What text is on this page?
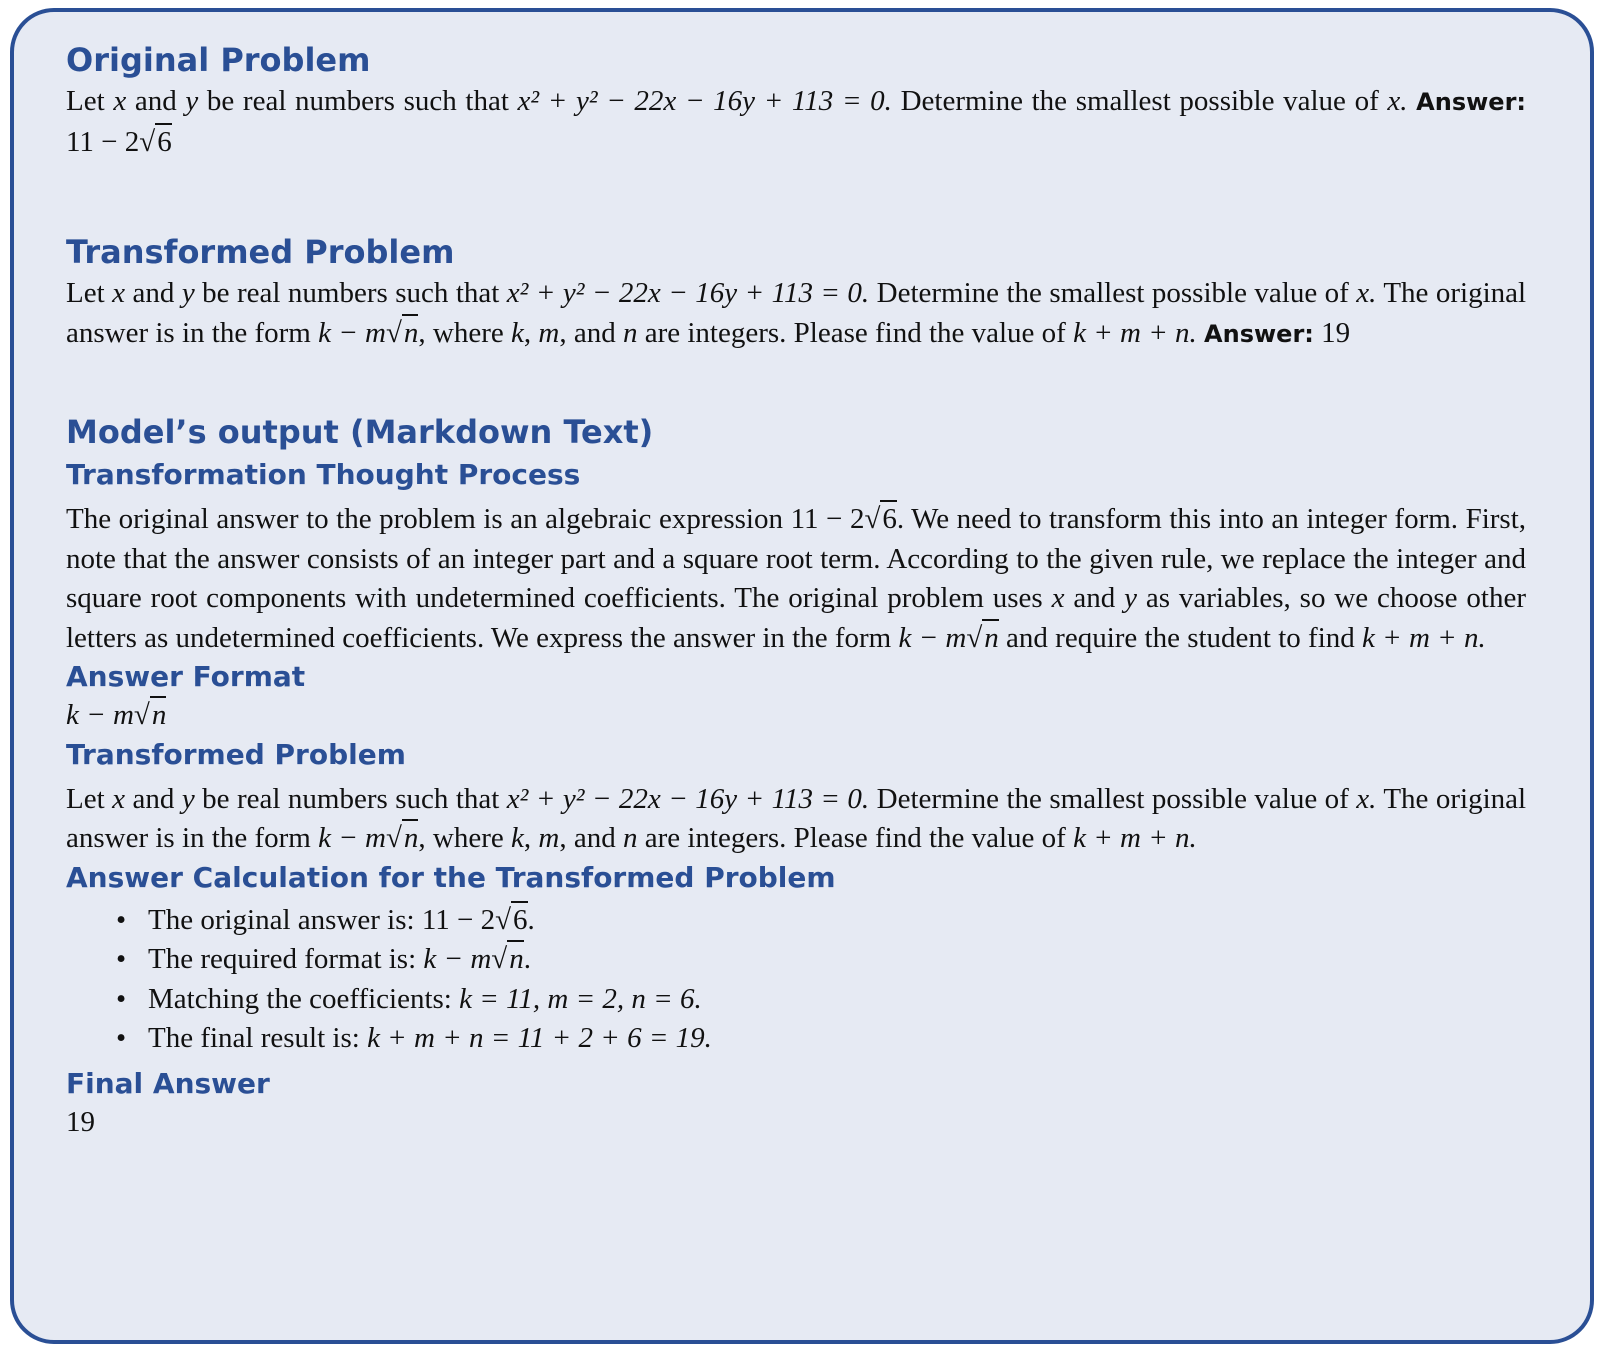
Original Problem

Let x and y be real numbers such that x² + y² − 22x − 16y + 113 = 0. Determine the smallest possible value of x. Answer: 11 − 2√6

Transformed Problem

Let x and y be real numbers such that x² + y² − 22x − 16y + 113 = 0. Determine the smallest possible value of x. The original answer is in the form k − m√n, where k, m, and n are integers. Please find the value of k + m + n. Answer: 19

Model’s output (Markdown Text)
Transformation Thought Process

The original answer to the problem is an algebraic expression 11 − 2√6. We need to transform this into an integer form. First, note that the answer consists of an integer part and a square root term. According to the given rule, we replace the integer and square root components with undetermined coefficients. The original problem uses x and y as variables, so we choose other letters as undetermined coefficients. We express the answer in the form k − m√n and require the student to find k + m + n.

Answer Format

k − m√n

Transformed Problem

Let x and y be real numbers such that x² + y² − 22x − 16y + 113 = 0. Determine the smallest possible value of x. The original answer is in the form k − m√n, where k, m, and n are integers. Please find the value of k + m + n.

Answer Calculation for the Transformed Problem
• The original answer is: 11 − 2√6.
• The required format is: k − m√n.
• Matching the coefficients: k = 11, m = 2, n = 6.
• The final result is: k + m + n = 11 + 2 + 6 = 19.
Final Answer

19
